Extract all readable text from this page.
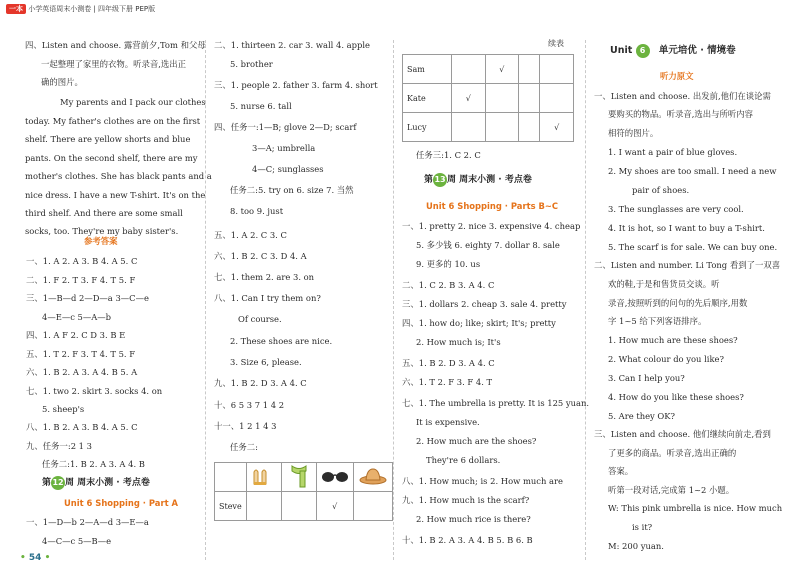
一本 小学英语周末小测卷 | 四年级下册 PEP版
四、Listen and choose. 露营前夕,Tom 和父母
一起整理了家里的衣物。听录音,选出正
确的图片。
My parents and I pack our clothes
today. My father's clothes are on the first
shelf. There are yellow shorts and blue
pants. On the second shelf, there are my
mother's clothes. She has black pants and a
nice dress. I have a new T-shirt. It's on the
third shelf. And there are some small
socks, too. They're my baby sister's.
参考答案
一、1. A 2. A 3. B 4. A 5. C
二、1. F 2. T 3. F 4. T 5. F
三、1—B—d 2—D—a 3—C—e
4—E—c 5—A—b
四、1. A F 2. C D 3. B E
五、1. T 2. F 3. T 4. T 5. F
六、1. B 2. A 3. A 4. B 5. A
七、1. two 2. skirt 3. socks 4. on
5. sheep's
八、1. B 2. A 3. B 4. A 5. C
九、任务一:2 1 3
任务二:1. B 2. A 3. A 4. B
第12周 周末小测 · 考点卷
Unit 6 Shopping · Part A
一、1—D—b 2—A—d 3—E—a
4—C—c 5—B—e
二、1. thirteen 2. car 3. wall 4. apple
5. brother
三、1. people 2. father 3. farm 4. short
5. nurse 6. tall
四、任务一:1—B; glove 2—D; scarf
3—A; umbrella
4—C; sunglasses
任务二:5. try on 6. size 7. 当然
8. too 9. just
五、1. A 2. C 3. C
六、1. B 2. C 3. D 4. A
七、1. them 2. are 3. on
八、1. Can I try them on?
Of course.
2. These shoes are nice.
3. Size 6, please.
九、1. B 2. D 3. A 4. C
十、6 5 3 7 1 4 2
十一、1 2 1 4 3
任务二:

Steve			√	
续表
Sam		√		
Kate	√			
Lucy				√
任务三:1. C 2. C
第13周 周末小测 · 考点卷
Unit 6 Shopping · Parts B~C
一、1. pretty 2. nice 3. expensive 4. cheap
5. 多少钱 6. eighty 7. dollar 8. sale
9. 更多的 10. us
二、1. C 2. B 3. A 4. C
三、1. dollars 2. cheap 3. sale 4. pretty
四、1. how do; like; skirt; It's; pretty
2. How much is; It's
五、1. B 2. D 3. A 4. C
六、1. T 2. F 3. F 4. T
七、1. The umbrella is pretty. It is 125 yuan.
It is expensive.
2. How much are the shoes?
They're 6 dollars.
八、1. How much; is 2. How much are
九、1. How much is the scarf?
2. How much rice is there?
十、1. B 2. A 3. A 4. B 5. B 6. B
Unit 6 单元培优 · 情境卷
听力原文
一、Listen and choose. 出发前,他们在谈论需
要购买的物品。听录音,选出与所听内容
相符的图片。
1. I want a pair of blue gloves.
2. My shoes are too small. I need a new
pair of shoes.
3. The sunglasses are very cool.
4. It is hot, so I want to buy a T-shirt.
5. The scarf is for sale. We can buy one.
二、Listen and number. Li Tong 看到了一双喜
欢的鞋,于是和售货员交谈。听
录音,按照听到的问句的先后顺序,用数
字 1~5 给下列客语排序。
1. How much are these shoes?
2. What colour do you like?
3. Can I help you?
4. How do you like these shoes?
5. Are they OK?
三、Listen and choose. 他们继续向前走,看到
了更多的商品。听录音,选出正确的
答案。
听第一段对话,完成第 1~2 小题。
W: This pink umbrella is nice. How much
is it?
M: 200 yuan.
• 54 •
